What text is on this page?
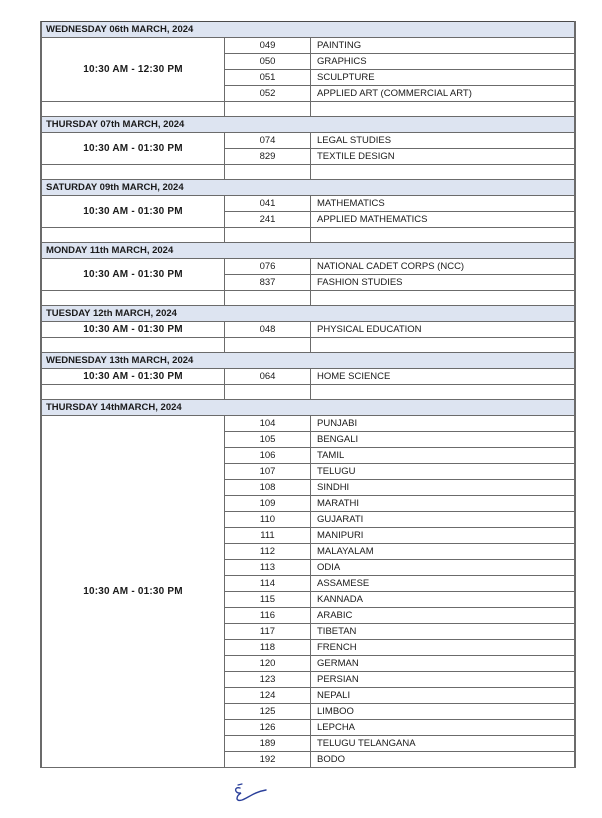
WEDNESDAY 06th MARCH, 2024		
10:30 AM - 12:30 PM	049	PAINTING
	050	GRAPHICS
	051	SCULPTURE
	052	APPLIED ART (COMMERCIAL ART)

THURSDAY 07th MARCH, 2024		
10:30 AM - 01:30 PM	074	LEGAL STUDIES
	829	TEXTILE DESIGN

SATURDAY 09th MARCH, 2024		
10:30 AM - 01:30 PM	041	MATHEMATICS
	241	APPLIED MATHEMATICS

MONDAY 11th MARCH, 2024		
10:30 AM - 01:30 PM	076	NATIONAL CADET CORPS (NCC)
	837	FASHION STUDIES

TUESDAY 12th MARCH, 2024		
10:30 AM - 01:30 PM	048	PHYSICAL EDUCATION

WEDNESDAY 13th MARCH, 2024		
10:30 AM - 01:30 PM	064	HOME SCIENCE

THURSDAY 14thMARCH, 2024		
10:30 AM - 01:30 PM	104	PUNJABI
	105	BENGALI
	106	TAMIL
	107	TELUGU
	108	SINDHI
	109	MARATHI
	110	GUJARATI
	111	MANIPURI
	112	MALAYALAM
	113	ODIA
	114	ASSAMESE
	115	KANNADA
	116	ARABIC
	117	TIBETAN
	118	FRENCH
	120	GERMAN
	123	PERSIAN
	124	NEPALI
	125	LIMBOO
	126	LEPCHA
	189	TELUGU TELANGANA
	192	BODO
